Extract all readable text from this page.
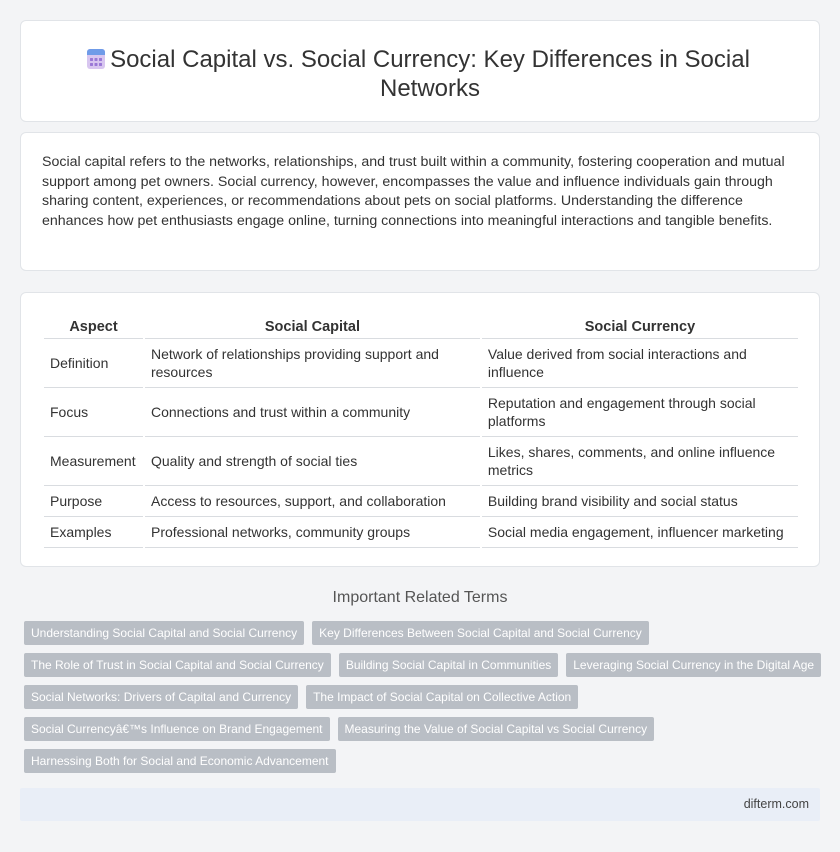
Social Capital vs. Social Currency: Key Differences in Social Networks

Social capital refers to the networks, relationships, and trust built within a community, fostering cooperation and mutual support among pet owners. Social currency, however, encompasses the value and influence individuals gain through sharing content, experiences, or recommendations about pets on social platforms. Understanding the difference enhances how pet enthusiasts engage online, turning connections into meaningful interactions and tangible benefits.

Aspect	Social Capital	Social Currency
Definition	Network of relationships providing support and resources	Value derived from social interactions and influence
Focus	Connections and trust within a community	Reputation and engagement through social platforms
Measurement	Quality and strength of social ties	Likes, shares, comments, and online influence metrics
Purpose	Access to resources, support, and collaboration	Building brand visibility and social status
Examples	Professional networks, community groups	Social media engagement, influencer marketing
Important Related Terms
Understanding Social Capital and Social Currency	Key Differences Between Social Capital and Social Currency
The Role of Trust in Social Capital and Social Currency	Building Social Capital in Communities	Leveraging Social Currency in the Digital Age
Social Networks: Drivers of Capital and Currency	The Impact of Social Capital on Collective Action
Social Currencyâ€™s Influence on Brand Engagement	Measuring the Value of Social Capital vs Social Currency
Harnessing Both for Social and Economic Advancement
difterm.com
